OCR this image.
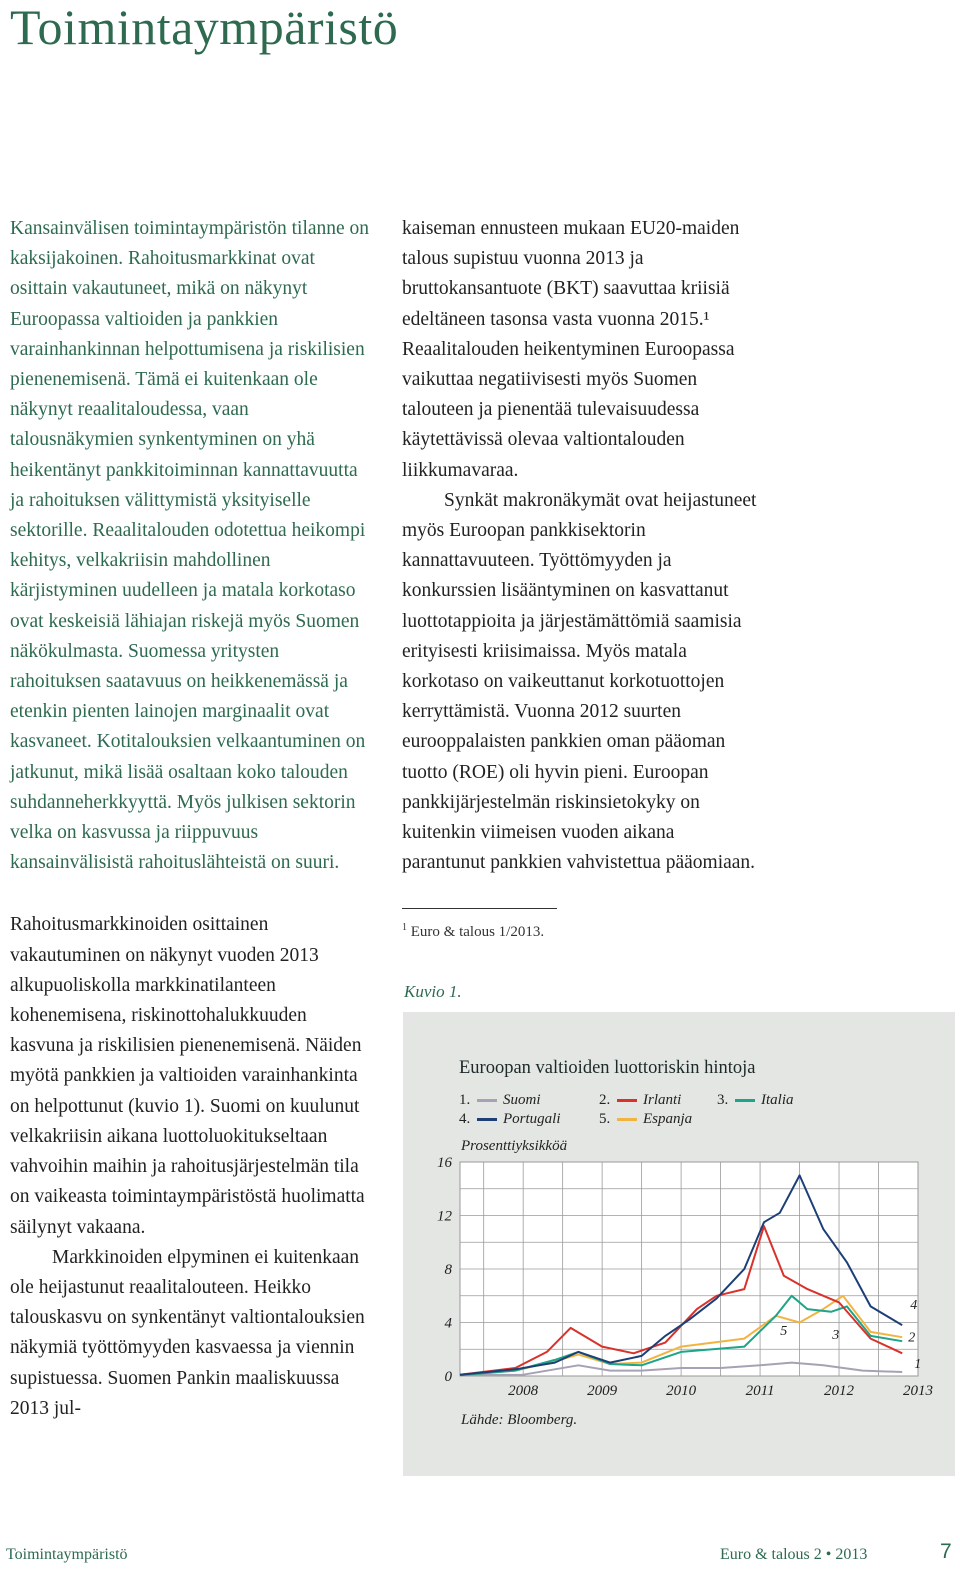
Toimintaympäristö

Kansainvälisen toimintaympäristön tilanne on kaksijakoinen. Rahoitusmarkkinat ovat osittain vakautuneet, mikä on näkynyt Euroopassa valtioiden ja pankkien varainhankinnan helpottumisena ja riskilisien pienenemisenä. Tämä ei kuitenkaan ole näkynyt reaalitaloudessa, vaan talousnäkymien synkentyminen on yhä heikentänyt pankkitoiminnan kannattavuutta ja rahoituksen välittymistä yksityiselle sektorille. Reaalitalouden odotettua heikompi kehitys, velkakriisin mahdollinen kärjistyminen uudelleen ja matala korkotaso ovat keskeisiä lähiajan riskejä myös Suomen näkökulmasta. Suomessa yritysten rahoituksen saatavuus on heikkenemässä ja etenkin pienten lainojen marginaalit ovat kasvaneet. Kotitalouksien velkaantuminen on jatkunut, mikä lisää osaltaan koko talouden suhdanneherkkyyttä. Myös julkisen sektorin velka on kasvussa ja riippuvuus kansainvälisistä rahoituslähteistä on suuri.

Rahoitusmarkkinoiden osittainen vakautuminen on näkynyt vuoden 2013 alkupuoliskolla markkinatilanteen kohenemisena, riskinottohalukkuuden kasvuna ja riskilisien pienenemisenä. Näiden myötä pankkien ja valtioiden varainhankinta on helpottunut (kuvio 1). Suomi on kuulunut velkakriisin aikana luottoluokitukseltaan vahvoihin maihin ja rahoitusjärjestelmän tila on vaikeasta toimintaympäristöstä huolimatta säilynyt vakaana.

Markkinoiden elpyminen ei kuitenkaan ole heijastunut reaalitalouteen. Heikko talouskasvu on synkentänyt valtiontalouksien näkymiä työttömyyden kasvaessa ja viennin supistuessa. Suomen Pankin maaliskuussa 2013 jul-

kaiseman ennusteen mukaan EU20-maiden talous supistuu vuonna 2013 ja bruttokansantuote (BKT) saavuttaa kriisiä edeltäneen tasonsa vasta vuonna 2015.¹ Reaalitalouden heikentyminen Euroopassa vaikuttaa negatiivisesti myös Suomen talouteen ja pienentää tulevaisuudessa käytettävissä olevaa valtiontalouden liikkumavaraa.

Synkät makronäkymät ovat heijastuneet myös Euroopan pankkisektorin kannattavuuteen. Työttömyyden ja konkurssien lisääntyminen on kasvattanut luottotappioita ja järjestämättömiä saamisia erityisesti kriisimaissa. Myös matala korkotaso on vaikeuttanut korkotuottojen kerryttämistä. Vuonna 2012 suurten eurooppalaisten pankkien oman pääoman tuotto (ROE) oli hyvin pieni. Euroopan pankkijärjestelmän riskinsietokyky on kuitenkin viimeisen vuoden aikana parantunut pankkien vahvistettua pääomiaan.

$^1$ Euro & talous 1/2013.
Kuvio 1.
Euroopan valtioiden luottoriskin hintoja
1.	Suomi	2.	Irlanti 3.	Italia
4.	Portugali	5.	Espanja
Prosenttiyksikköä
0
4
8
12
16
2008	2009	2010	2011	2012	2013
1
2
3
4
5
Lähde: Bloomberg.
Toimintaympäristö	Euro & talous 2 • 2013	7
